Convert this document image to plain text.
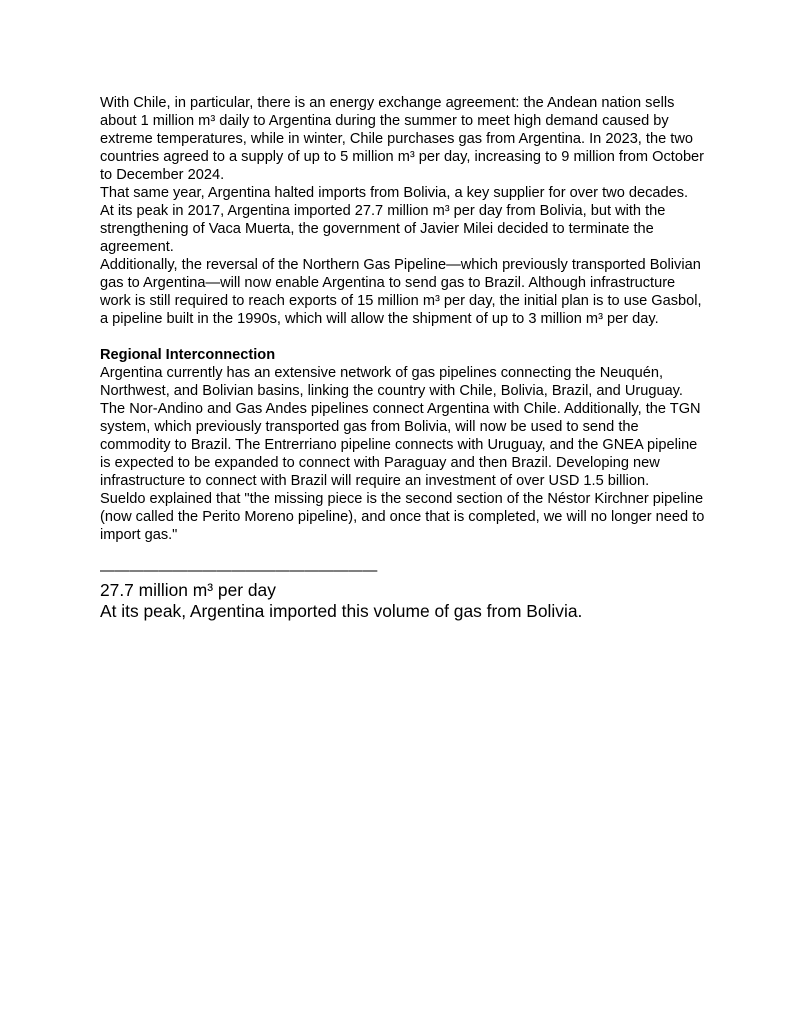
With Chile, in particular, there is an energy exchange agreement: the Andean nation sells about 1 million m³ daily to Argentina during the summer to meet high demand caused by extreme temperatures, while in winter, Chile purchases gas from Argentina. In 2023, the two countries agreed to a supply of up to 5 million m³ per day, increasing to 9 million from October to December 2024.

That same year, Argentina halted imports from Bolivia, a key supplier for over two decades. At its peak in 2017, Argentina imported 27.7 million m³ per day from Bolivia, but with the strengthening of Vaca Muerta, the government of Javier Milei decided to terminate the agreement.

Additionally, the reversal of the Northern Gas Pipeline—which previously transported Bolivian gas to Argentina—will now enable Argentina to send gas to Brazil. Although infrastructure work is still required to reach exports of 15 million m³ per day, the initial plan is to use Gasbol, a pipeline built in the 1990s, which will allow the shipment of up to 3 million m³ per day.

Regional Interconnection

Argentina currently has an extensive network of gas pipelines connecting the Neuquén, Northwest, and Bolivian basins, linking the country with Chile, Bolivia, Brazil, and Uruguay.

The Nor-Andino and Gas Andes pipelines connect Argentina with Chile. Additionally, the TGN system, which previously transported gas from Bolivia, will now be used to send the commodity to Brazil. The Entrerriano pipeline connects with Uruguay, and the GNEA pipeline is expected to be expanded to connect with Paraguay and then Brazil. Developing new infrastructure to connect with Brazil will require an investment of over USD 1.5 billion.

Sueldo explained that "the missing piece is the second section of the Néstor Kirchner pipeline (now called the Perito Moreno pipeline), and once that is completed, we will no longer need to import gas."

———————————————————

27.7 million m³ per day

At its peak, Argentina imported this volume of gas from Bolivia.
